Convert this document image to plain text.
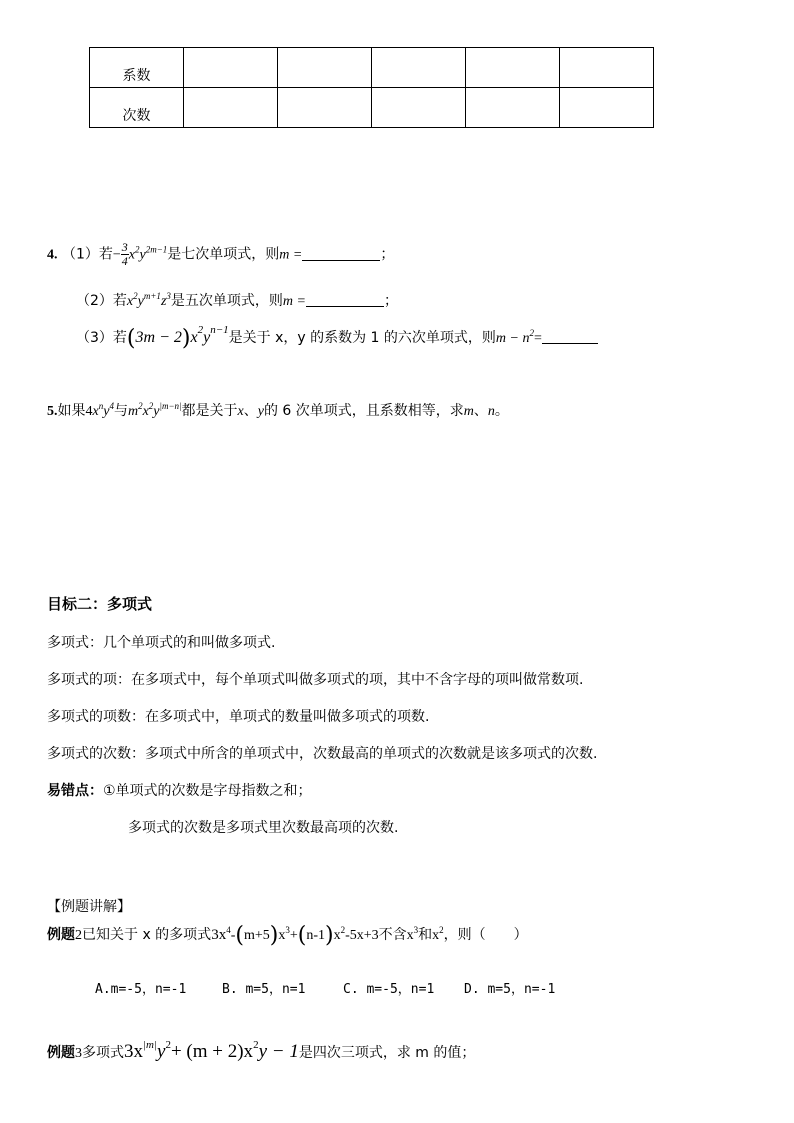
系数					
次数					
4. （1）若− $\frac{3}{4} x^2y^{2m-1}$是七次单项式，则m =	；
（2）若$x^2y^{m+1}z^3$是五次单项式，则m =	；
（3）若$(3m - 2)x^2y^{n-1}$是关于 x，y 的系数为 1 的六次单项式，则$m - n^2=$
5.如果$4x^ny^4$与$m^2x^2y^{|m-n|}$都是关于x、y的 6 次单项式，且系数相等，求m、n。
目标二：多项式
多项式：几个单项式的和叫做多项式.
多项式的项：在多项式中，每个单项式叫做多项式的项，其中不含字母的项叫做常数项.
多项式的项数：在多项式中，单项式的数量叫做多项式的项数.
多项式的次数：多项式中所含的单项式中，次数最高的单项式的次数就是该多项式的次数.
易错点：①单项式的次数是字母指数之和；
多项式的次数是多项式里次数最高项的次数.
【例题讲解】
例题2已知关于 x 的多项式$3x^4-(m+5)x^3+(n-1)x^2-5x+3$不含$x^3$和$x^2$，则（　　）
A.m=-5，n=-1	B. m=5，n=1	C. m=-5，n=1 D. m=5，n=-1
例题3多项式$3x^{|m|}y^2+ (m + 2)x^2y - 1$是四次三项式，求 m 的值；
